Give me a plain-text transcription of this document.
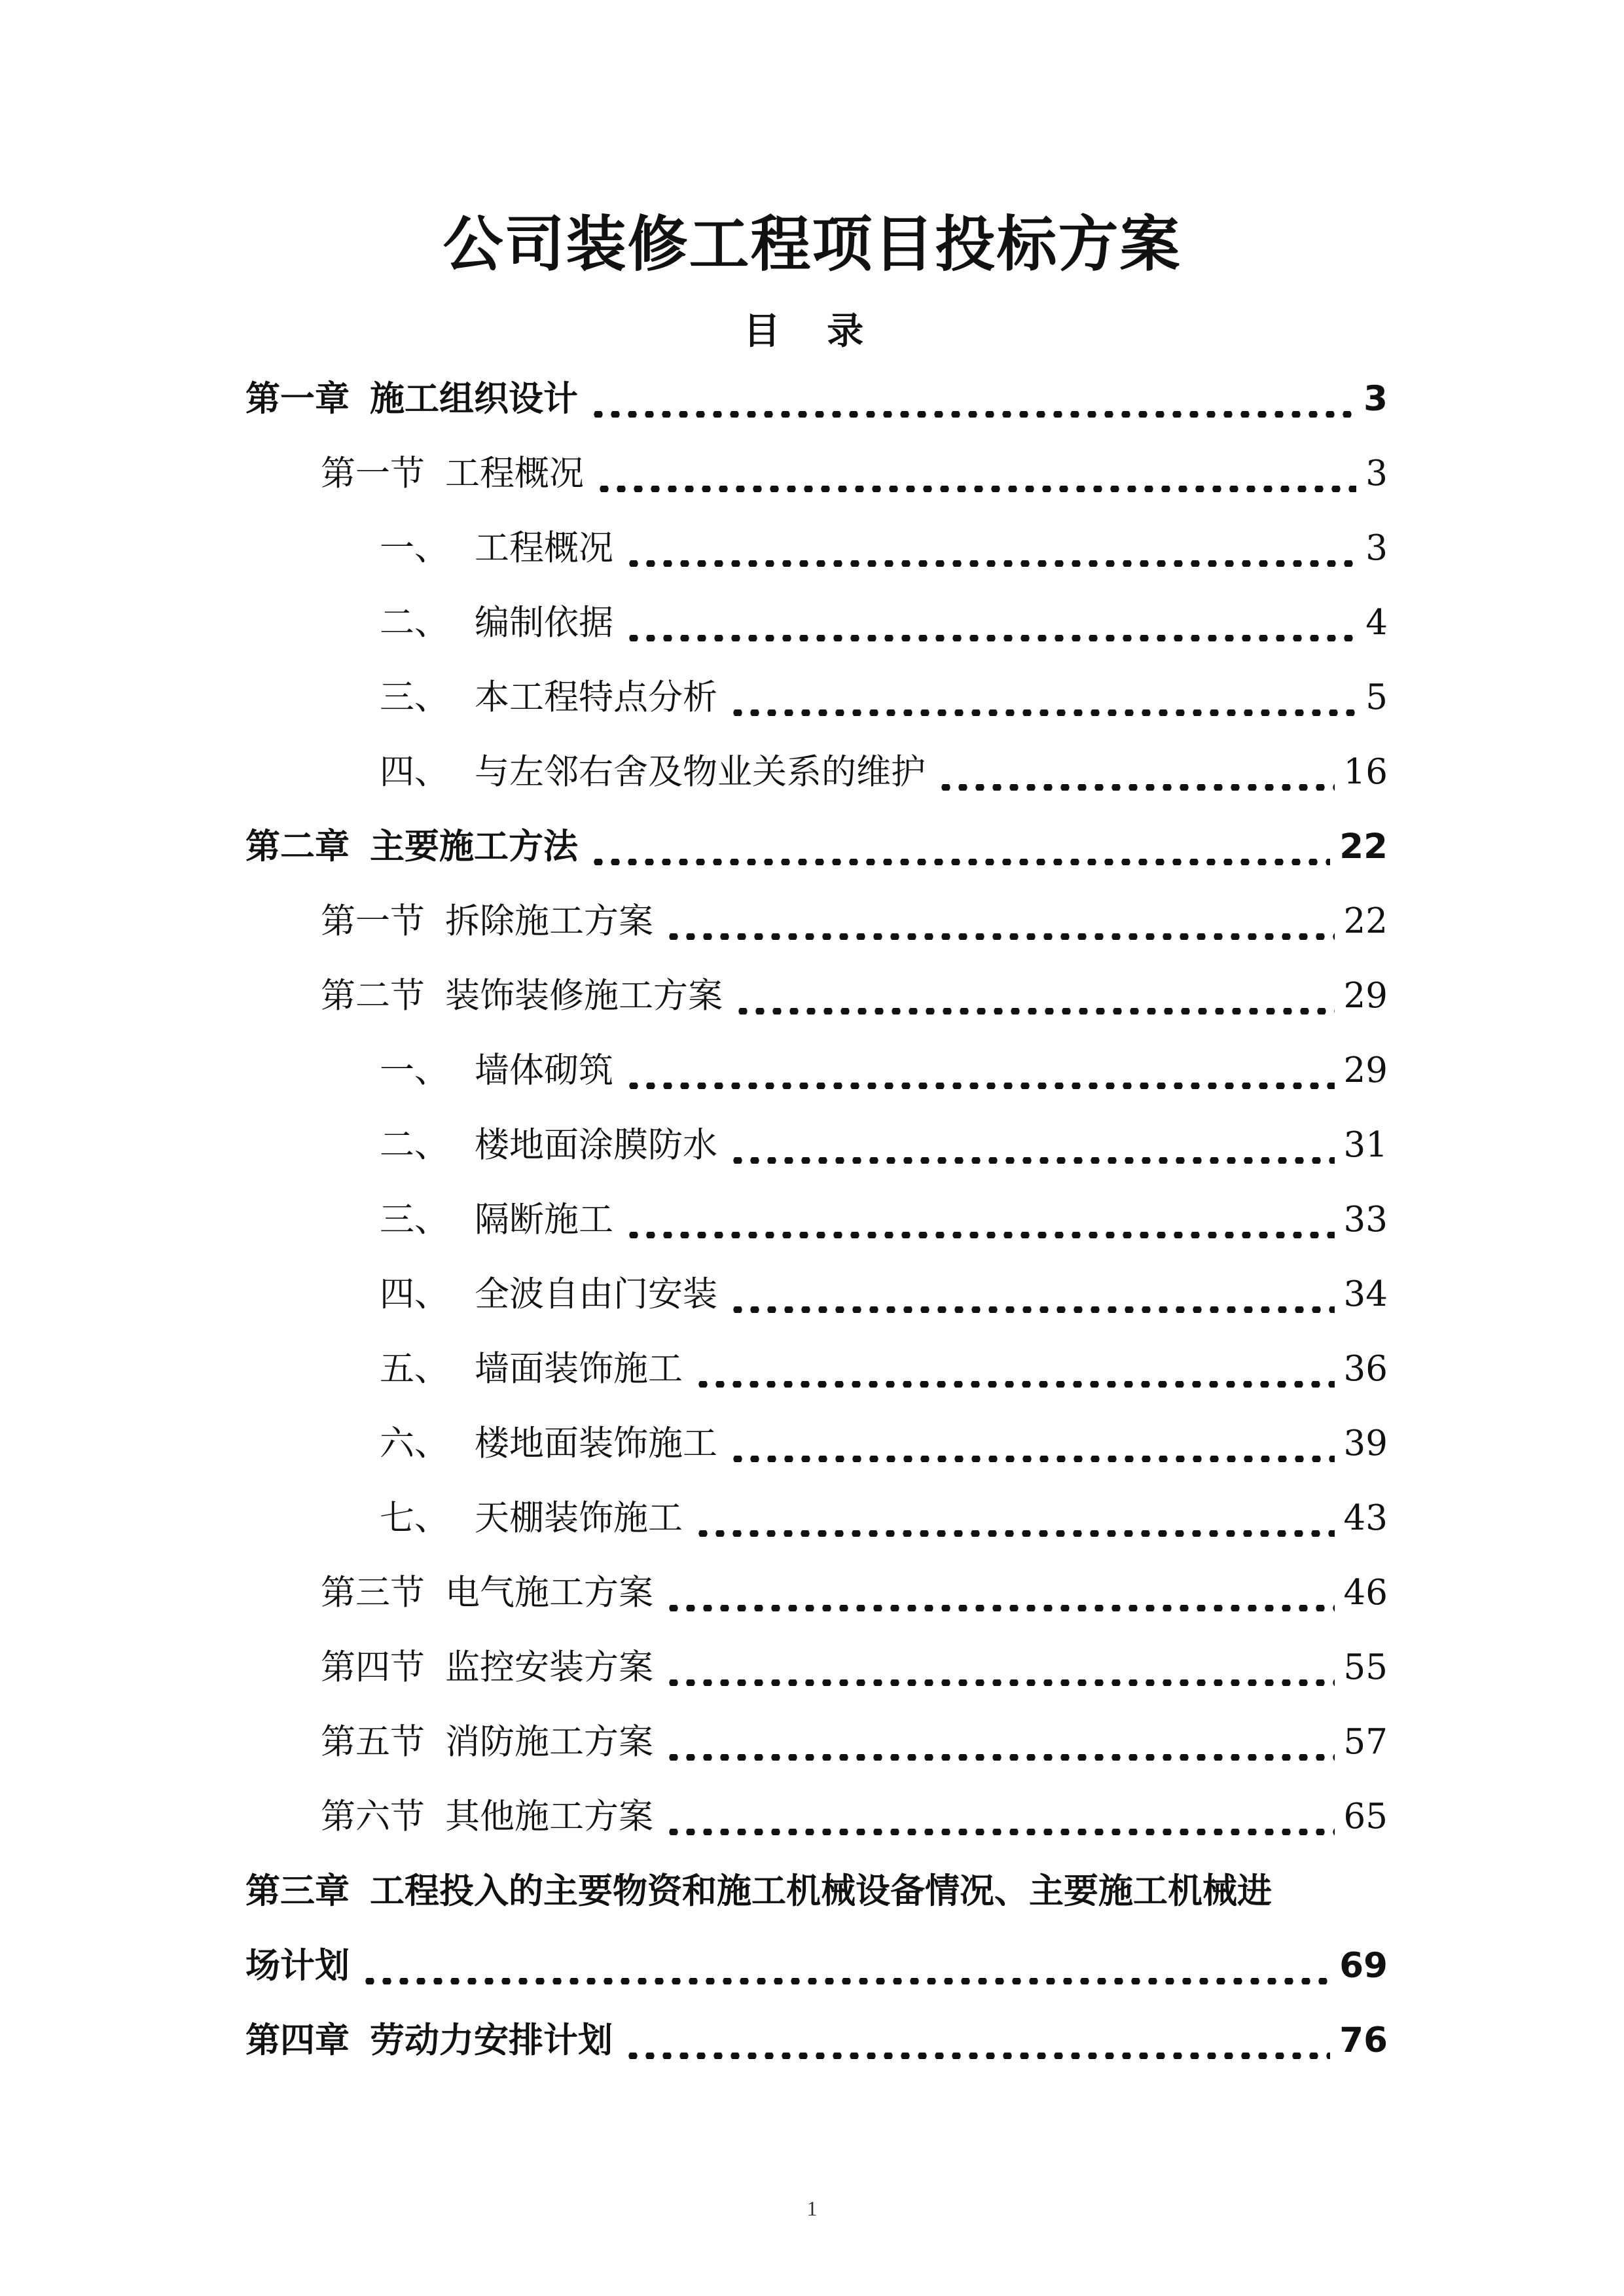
公司装修工程项目投标方案
目 录
第一章 施工组织设计	3
第一节 工程概况	3
一、 工程概况	3
二、 编制依据	4
三、 本工程特点分析	5
四、 与左邻右舍及物业关系的维护	16
第二章 主要施工方法	22
第一节 拆除施工方案	22
第二节 装饰装修施工方案	29
一、 墙体砌筑	29
二、 楼地面涂膜防水	31
三、 隔断施工	33
四、 全波自由门安装	34
五、 墙面装饰施工	36
六、 楼地面装饰施工	39
七、 天棚装饰施工	43
第三节 电气施工方案	46
第四节 监控安装方案	55
第五节 消防施工方案	57
第六节 其他施工方案	65
第三章 工程投入的主要物资和施工机械设备情况、主要施工机械进
场计划	69
第四章 劳动力安排计划	76
1
